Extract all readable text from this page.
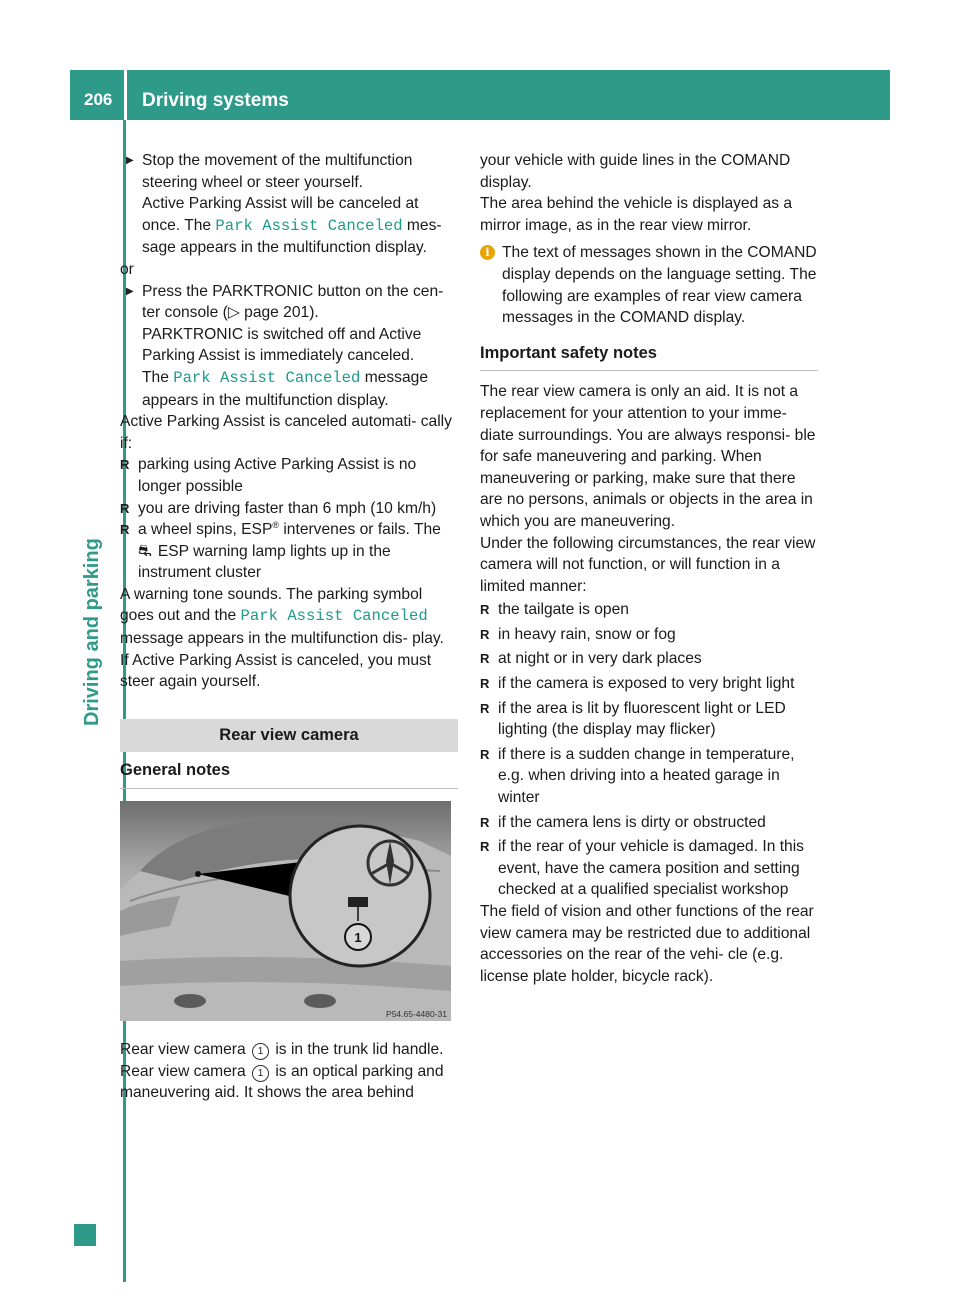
206 Driving systems
Driving and parking

▶ Stop the movement of the multifunction steering wheel or steer yourself.
Active Parking Assist will be canceled at once. The Park Assist Canceled mes- sage appears in the multifunction display.

or

▶ Press the PARKTRONIC button on the cen- ter console (▷ page 201).
PARKTRONIC is switched off and Active Parking Assist is immediately canceled.
The Park Assist Canceled message appears in the multifunction display.

Active Parking Assist is canceled automati- cally if:

R parking using Active Parking Assist is no longer possible

R you are driving faster than 6 mph (10 km/h)

R a wheel spins, ESP® intervenes or fails. The
⛐ ESP warning lamp lights up in the instrument cluster

A warning tone sounds. The parking symbol goes out and the Park Assist Canceled message appears in the multifunction dis- play.

If Active Parking Assist is canceled, you must steer again yourself.

Rear view camera
General notes
1
P54.65-4480-31

Rear view camera 1 is in the trunk lid handle.

Rear view camera 1 is an optical parking and maneuvering aid. It shows the area behind

your vehicle with guide lines in the COMAND display.

The area behind the vehicle is displayed as a mirror image, as in the rear view mirror.

i The text of messages shown in the COMAND display depends on the language setting. The following are examples of rear view camera messages in the COMAND display.

Important safety notes

The rear view camera is only an aid. It is not a replacement for your attention to your imme- diate surroundings. You are always responsi- ble for safe maneuvering and parking. When maneuvering or parking, make sure that there are no persons, animals or objects in the area in which you are maneuvering.

Under the following circumstances, the rear view camera will not function, or will function in a limited manner:

R the tailgate is open

R in heavy rain, snow or fog

R at night or in very dark places

R if the camera is exposed to very bright light

R if the area is lit by fluorescent light or LED lighting (the display may flicker)

R if there is a sudden change in temperature, e.g. when driving into a heated garage in winter

R if the camera lens is dirty or obstructed

R if the rear of your vehicle is damaged. In this event, have the camera position and setting checked at a qualified specialist workshop

The field of vision and other functions of the rear view camera may be restricted due to additional accessories on the rear of the vehi- cle (e.g. license plate holder, bicycle rack).
